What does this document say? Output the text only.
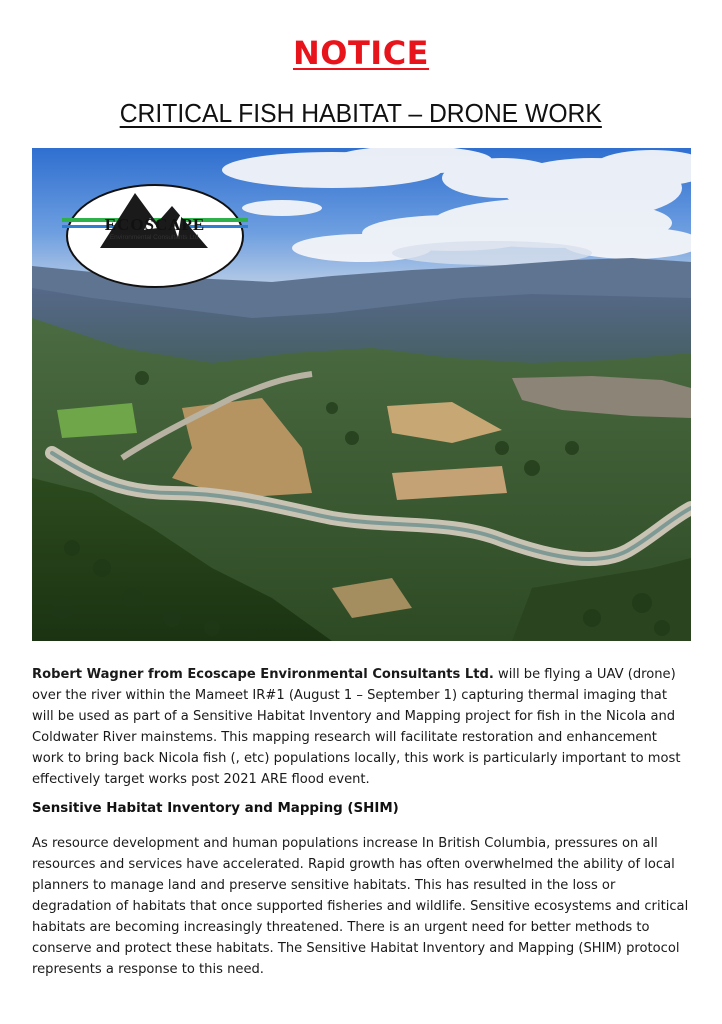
NOTICE
CRITICAL FISH HABITAT – DRONE WORK
ECOSCAPE
Environmental Consultants Ltd.
Robert Wagner from Ecoscape Environmental Consultants Ltd. will be flying a UAV (drone) over the river within the Mameet IR#1 (August 1 – September 1) capturing thermal imaging that will be used as part of a Sensitive Habitat Inventory and Mapping project for fish in the Nicola and Coldwater River mainstems. This mapping research will facilitate restoration and enhancement work to bring back Nicola fish (, etc) populations locally, this work is particularly important to most effectively target works post 2021 ARE flood event.
Sensitive Habitat Inventory and Mapping (SHIM)
As resource development and human populations increase In British Columbia, pressures on all resources and services have accelerated. Rapid growth has often overwhelmed the ability of local planners to manage land and preserve sensitive habitats. This has resulted in the loss or degradation of habitats that once supported fisheries and wildlife. Sensitive ecosystems and critical habitats are becoming increasingly threatened. There is an urgent need for better methods to conserve and protect these habitats. The Sensitive Habitat Inventory and Mapping (SHIM) protocol represents a response to this need.
